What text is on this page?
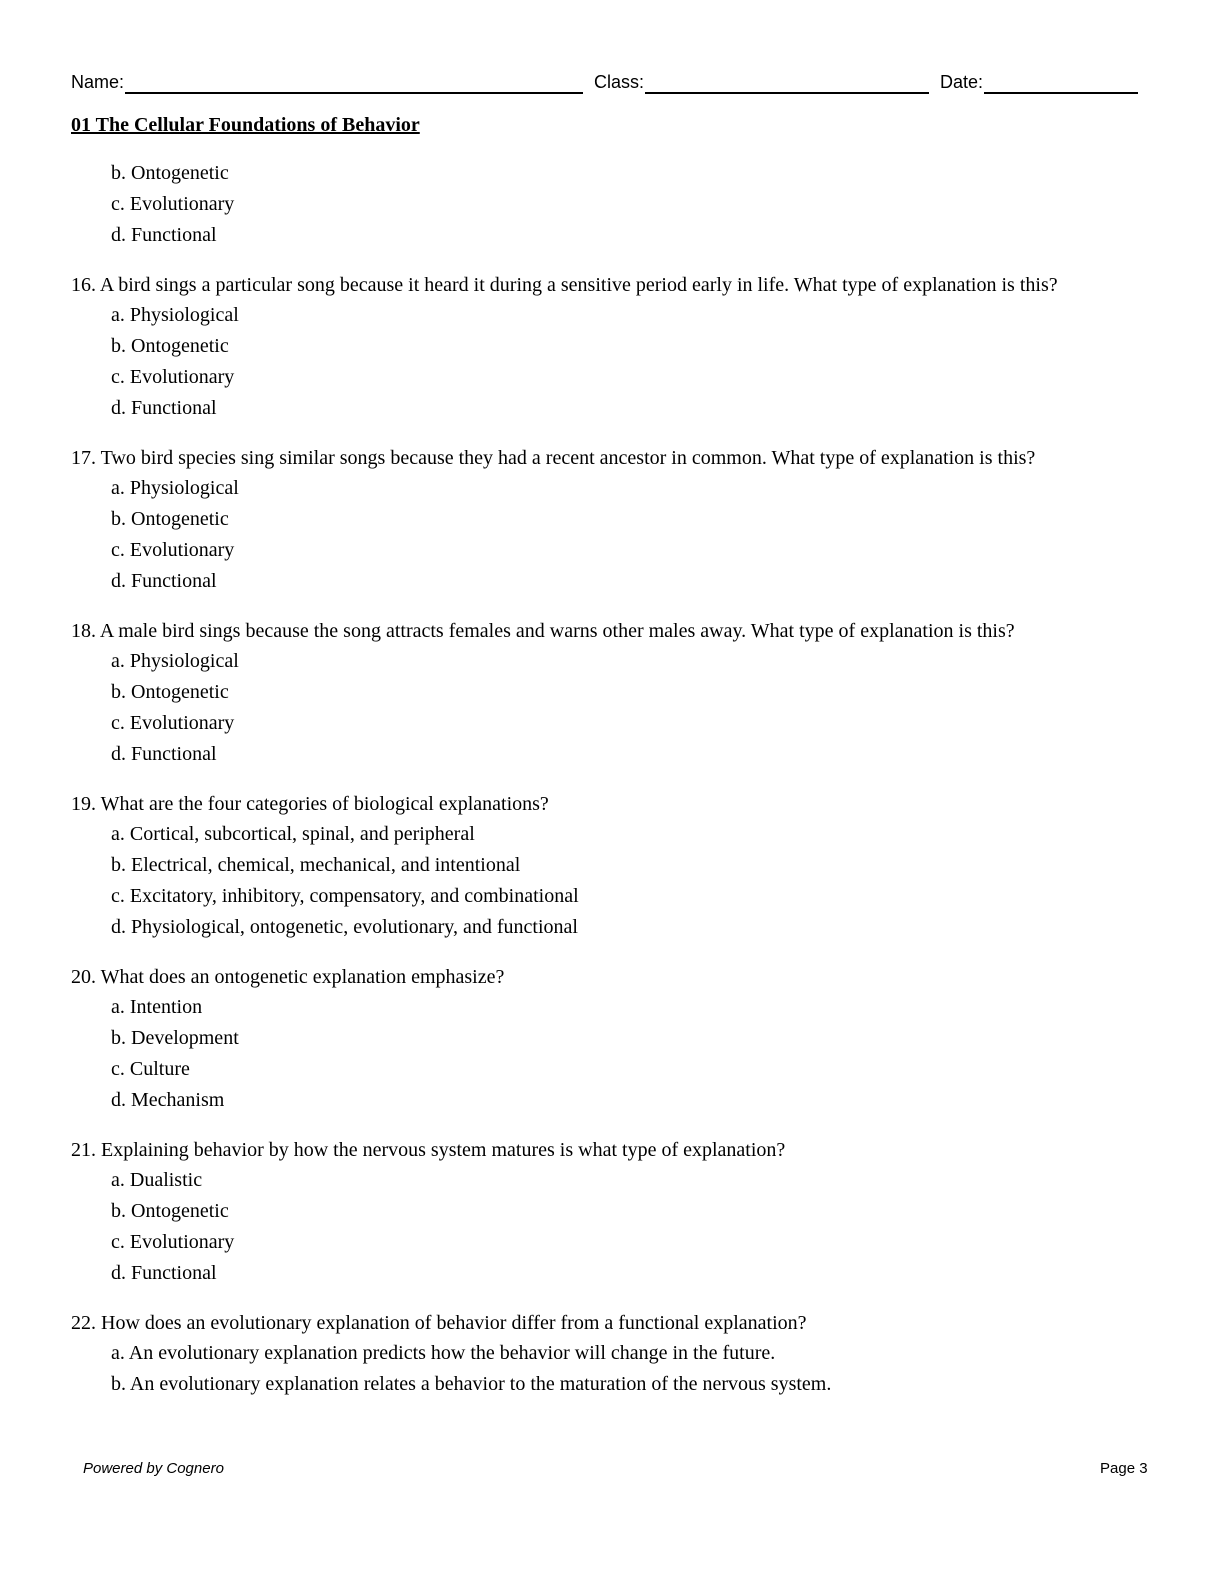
Name:	Class:	Date:
01 The Cellular Foundations of Behavior
b. Ontogenetic
c. Evolutionary
d. Functional
16. A bird sings a particular song because it heard it during a sensitive period early in life. What type of explanation is this?
a. Physiological
b. Ontogenetic
c. Evolutionary
d. Functional
17. Two bird species sing similar songs because they had a recent ancestor in common. What type of explanation is this?
a. Physiological
b. Ontogenetic
c. Evolutionary
d. Functional
18. A male bird sings because the song attracts females and warns other males away. What type of explanation is this?
a. Physiological
b. Ontogenetic
c. Evolutionary
d. Functional
19. What are the four categories of biological explanations?
a. Cortical, subcortical, spinal, and peripheral
b. Electrical, chemical, mechanical, and intentional
c. Excitatory, inhibitory, compensatory, and combinational
d. Physiological, ontogenetic, evolutionary, and functional
20. What does an ontogenetic explanation emphasize?
a. Intention
b. Development
c. Culture
d. Mechanism
21. Explaining behavior by how the nervous system matures is what type of explanation?
a. Dualistic
b. Ontogenetic
c. Evolutionary
d. Functional
22. How does an evolutionary explanation of behavior differ from a functional explanation?
a. An evolutionary explanation predicts how the behavior will change in the future.
b. An evolutionary explanation relates a behavior to the maturation of the nervous system.
Powered by Cognero	Page 3
